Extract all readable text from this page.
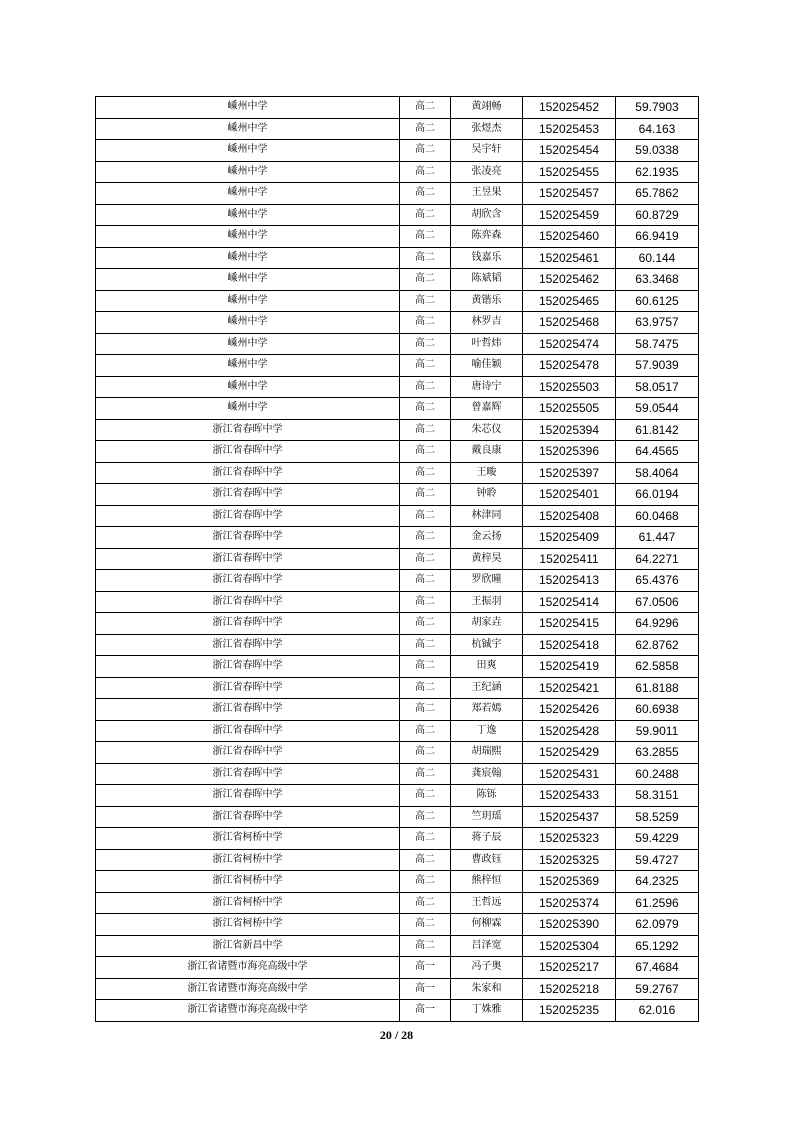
嵊州中学	高二	黄翊畅	152025452	59.7903
嵊州中学	高二	张煜杰	152025453	64.163
嵊州中学	高二	吴宇轩	152025454	59.0338
嵊州中学	高二	张凌亮	152025455	62.1935
嵊州中学	高二	王昱果	152025457	65.7862
嵊州中学	高二	胡欣含	152025459	60.8729
嵊州中学	高二	陈弈森	152025460	66.9419
嵊州中学	高二	钱嘉乐	152025461	60.144
嵊州中学	高二	陈斌韬	152025462	63.3468
嵊州中学	高二	黄锴乐	152025465	60.6125
嵊州中学	高二	林罗吉	152025468	63.9757
嵊州中学	高二	叶哲炜	152025474	58.7475
嵊州中学	高二	喻佳颖	152025478	57.9039
嵊州中学	高二	唐诗宁	152025503	58.0517
嵊州中学	高二	曾嘉辉	152025505	59.0544
浙江省春晖中学	高二	朱芯仪	152025394	61.8142
浙江省春晖中学	高二	戴良康	152025396	64.4565
浙江省春晖中学	高二	王畯	152025397	58.4064
浙江省春晖中学	高二	钟聆	152025401	66.0194
浙江省春晖中学	高二	林津同	152025408	60.0468
浙江省春晖中学	高二	金云扬	152025409	61.447
浙江省春晖中学	高二	黄梓昊	152025411	64.2271
浙江省春晖中学	高二	罗欣曈	152025413	65.4376
浙江省春晖中学	高二	王振羽	152025414	67.0506
浙江省春晖中学	高二	胡家垚	152025415	64.9296
浙江省春晖中学	高二	杭铖宇	152025418	62.8762
浙江省春晖中学	高二	田爽	152025419	62.5858
浙江省春晖中学	高二	王纪涵	152025421	61.8188
浙江省春晖中学	高二	郑若嫣	152025426	60.6938
浙江省春晖中学	高二	丁逸	152025428	59.9011
浙江省春晖中学	高二	胡瑞熙	152025429	63.2855
浙江省春晖中学	高二	龚宸翰	152025431	60.2488
浙江省春晖中学	高二	陈铄	152025433	58.3151
浙江省春晖中学	高二	竺玥瑶	152025437	58.5259
浙江省柯桥中学	高二	蒋子辰	152025323	59.4229
浙江省柯桥中学	高二	曹政钰	152025325	59.4727
浙江省柯桥中学	高二	熊梓恒	152025369	64.2325
浙江省柯桥中学	高二	王哲远	152025374	61.2596
浙江省柯桥中学	高二	何柳霖	152025390	62.0979
浙江省新昌中学	高二	吕泽宽	152025304	65.1292
浙江省诸暨市海亮高级中学	高一	冯子奥	152025217	67.4684
浙江省诸暨市海亮高级中学	高一	朱家和	152025218	59.2767
浙江省诸暨市海亮高级中学	高一	丁姝雅	152025235	62.016
20 / 28
